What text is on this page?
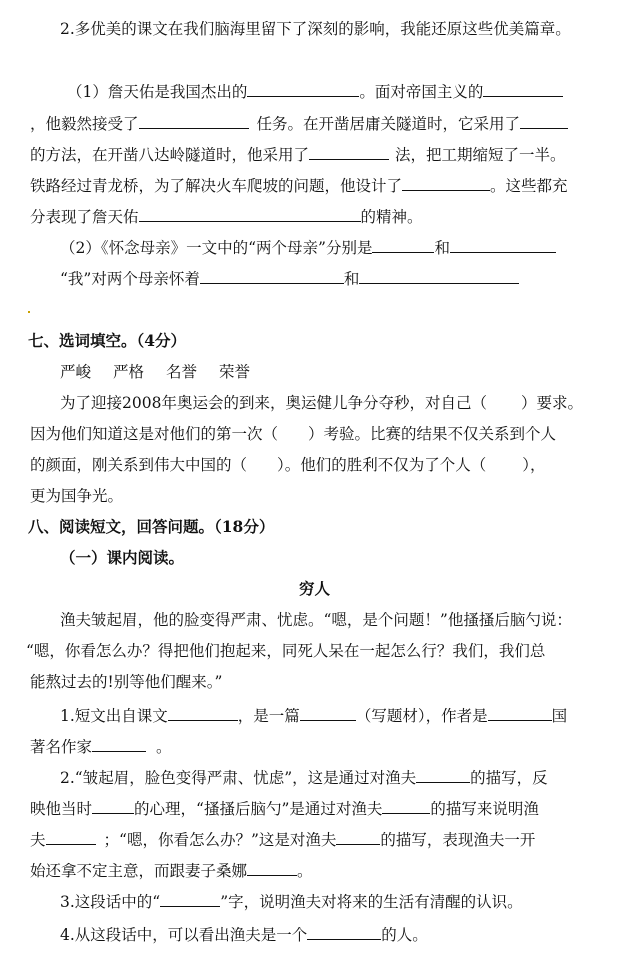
2.多优美的课文在我们脑海里留下了深刻的影响，我能还原这些优美篇章。
（1）詹天佑是我国杰出的	。面对帝国主义的
，他毅然接受了	任务。在开凿居庸关隧道时，它采用了
的方法，在开凿八达岭隧道时，他采用了	法，把工期缩短了一半。
铁路经过青龙桥，为了解决火车爬坡的问题，他设计了	。这些都充
分表现了詹天佑	的精神。
（2）《怀念母亲》一文中的“两个母亲”分别是	和
“我”对两个母亲怀着	和
七、选词填空。（4分）
严峻 严格 名誉 荣誉
为了迎接2008年奥运会的到来，奥运健儿争分夺秒，对自己（ ）要求。
因为他们知道这是对他们的第一次（ ）考验。比赛的结果不仅关系到个人
的颜面，刚关系到伟大中国的（ ）。他们的胜利不仅为了个人（ ），
更为国争光。
八、阅读短文，回答问题。（18分）
（一）课内阅读。
穷人
渔夫皱起眉，他的脸变得严肃、忧虑。“嗯，是个问题！”他搔搔后脑勺说：
“嗯，你看怎么办？得把他们抱起来，同死人呆在一起怎么行？我们，我们总
能熬过去的!别等他们醒来。”
1.短文出自课文	，是一篇	（写题材），作者是	国
著名作家	。
2.“皱起眉，脸色变得严肃、忧虑”，这是通过对渔夫	的描写，反
映他当时	的心理，“搔搔后脑勺”是通过对渔夫	的描写来说明渔
夫	；“嗯，你看怎么办？”这是对渔夫	的描写，表现渔夫一开
始还拿不定主意，而跟妻子桑娜	。
3.这段话中的“	”字，说明渔夫对将来的生活有清醒的认识。
4.从这段话中，可以看出渔夫是一个	的人。
